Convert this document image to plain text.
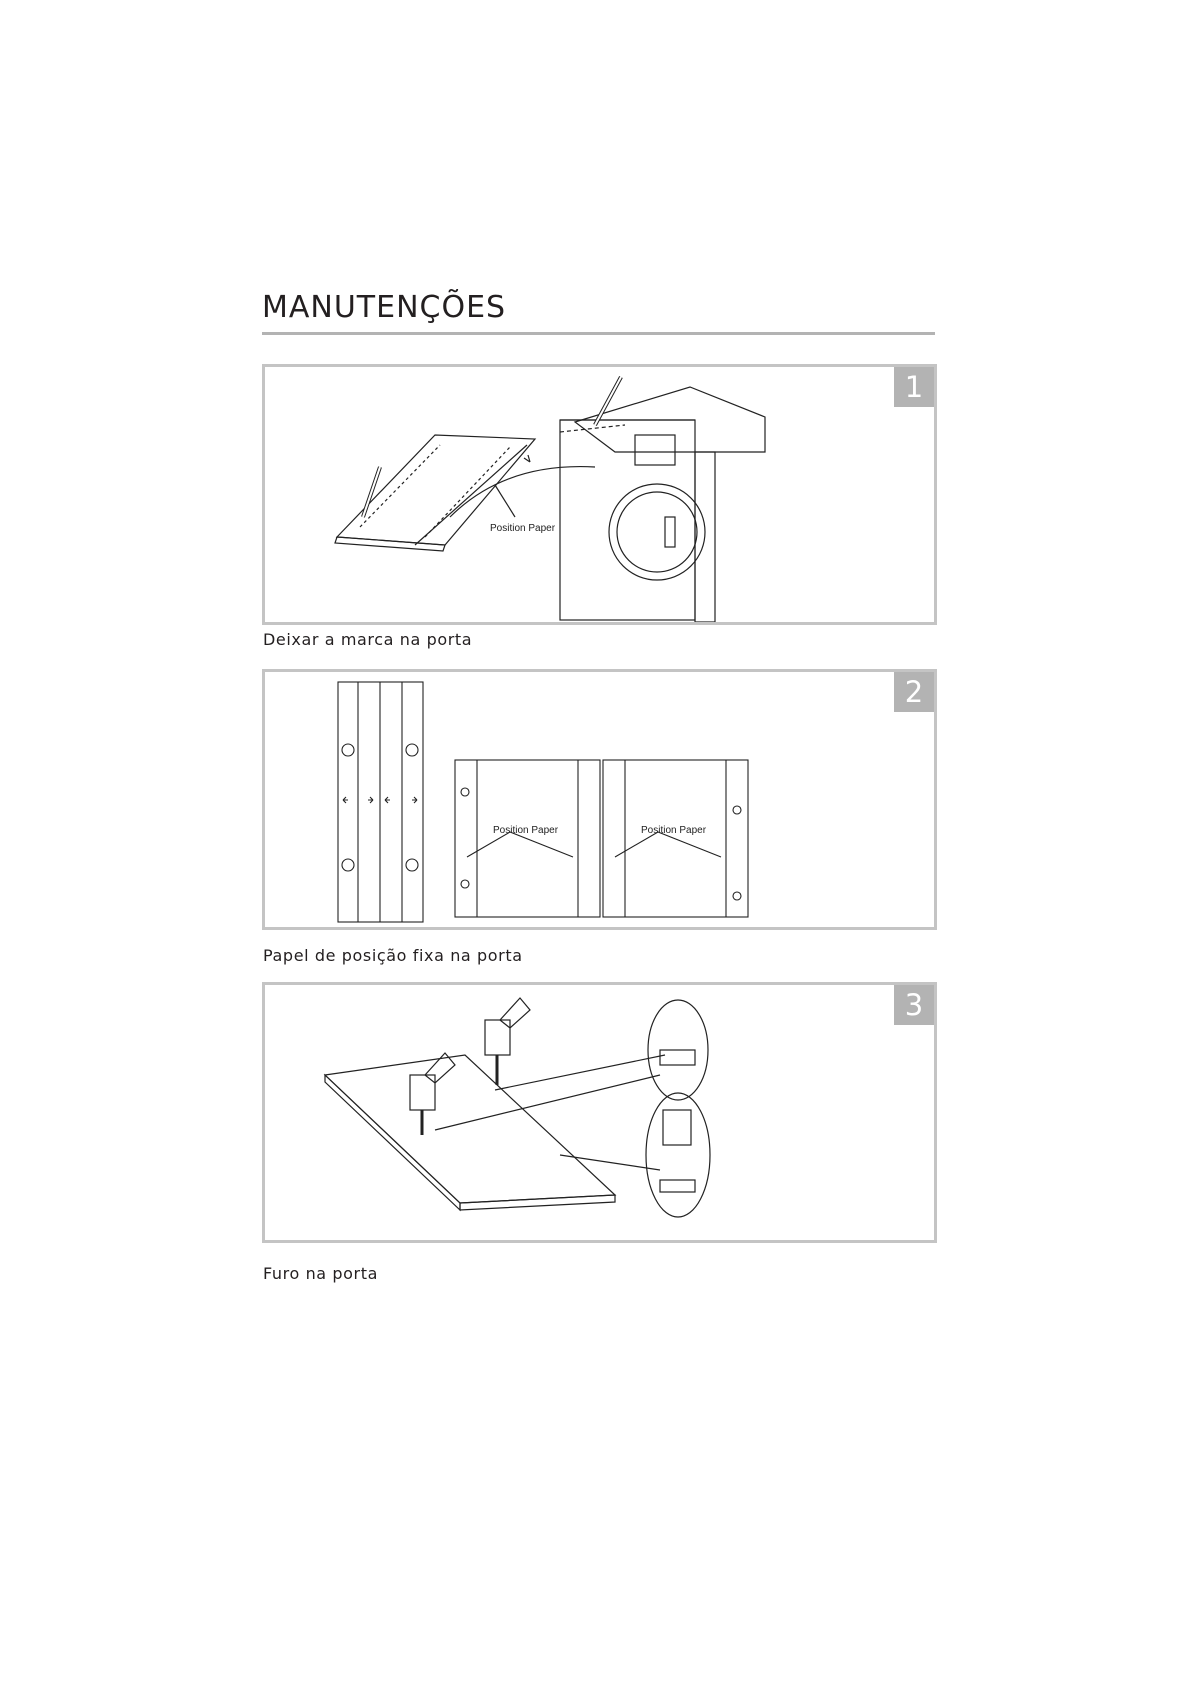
MANUTENÇÕES
Position Paper
1
Deixar a marca na porta
Position Paper	Position Paper
2
Papel de posição fixa na porta
3
Furo na porta
